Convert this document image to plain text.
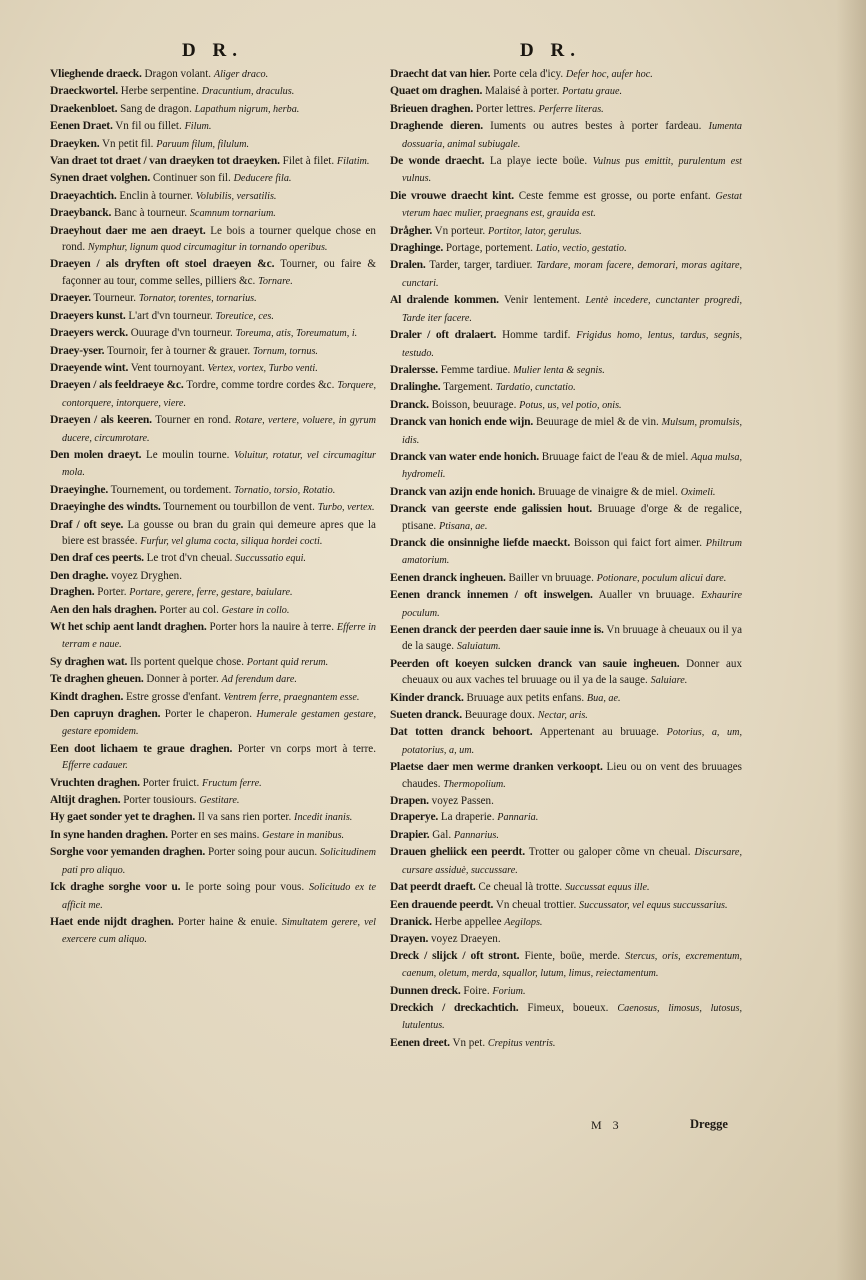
D R.	D R.

Vlieghende draeck. Dragon volant. Aliger draco.

Draeckwortel. Herbe serpentine. Dracuntium, draculus.

Draekenbloet. Sang de dragon. Lapathum nigrum, herba.

Eenen Draet. Vn fil ou fillet. Filum.

Draeyken. Vn petit fil. Paruum filum, filulum.

Van draet tot draet / van draeyken tot draeyken. Filet à filet. Filatim.

Synen draet volghen. Continuer son fil. Deducere fila.

Draeyachtich. Enclin à tourner. Volubilis, versatilis.

Draeybanck. Banc à tourneur. Scamnum tornarium.

Draeyhout daer me aen draeyt. Le bois a tourner quelque chose en rond. Nymphur, lignum quod circumagitur in tornando operibus.

Draeyen / als dryften oft stoel draeyen &c. Tourner, ou faire & façonner au tour, comme selles, pilliers &c. Tornare.

Draeyer. Tourneur. Tornator, torentes, tornarius.

Draeyers kunst. L'art d'vn tourneur. Toreutice, ces.

Draeyers werck. Ouurage d'vn tourneur. Toreuma, atis, Toreumatum, i.

Draey-yser. Tournoir, fer à tourner & grauer. Tornum, tornus.

Draeyende wint. Vent tournoyant. Vertex, vortex, Turbo venti.

Draeyen / als feeldraeye &c. Tordre, comme tordre cordes &c. Torquere, contorquere, intorquere, viere.

Draeyen / als keeren. Tourner en rond. Rotare, vertere, voluere, in gyrum ducere, circumrotare.

Den molen draeyt. Le moulin tourne. Voluitur, rotatur, vel circumagitur mola.

Draeyinghe. Tournement, ou tordement. Tornatio, torsio, Rotatio.

Draeyinghe des windts. Tournement ou tourbillon de vent. Turbo, vertex.

Draf / oft seye. La gousse ou bran du grain qui demeure apres que la biere est brassée. Furfur, vel gluma cocta, siliqua hordei cocti.

Den draf ces peerts. Le trot d'vn cheual. Succussatio equi.

Den draghe. voyez Dryghen.

Draghen. Porter. Portare, gerere, ferre, gestare, baiulare.

Aen den hals draghen. Porter au col. Gestare in collo.

Wt het schip aent landt draghen. Porter hors la nauire à terre. Efferre in terram e naue.

Sy draghen wat. Ils portent quelque chose. Portant quid rerum.

Te draghen gheuen. Donner à porter. Ad ferendum dare.

Kindt draghen. Estre grosse d'enfant. Ventrem ferre, praegnantem esse.

Den capruyn draghen. Porter le chaperon. Humerale gestamen gestare, gestare epomidem.

Een doot lichaem te graue draghen. Porter vn corps mort à terre. Efferre cadauer.

Vruchten draghen. Porter fruict. Fructum ferre.

Altijt draghen. Porter tousiours. Gestitare.

Hy gaet sonder yet te draghen. Il va sans rien porter. Incedit inanis.

In syne handen draghen. Porter en ses mains. Gestare in manibus.

Sorghe voor yemanden draghen. Porter soing pour aucun. Solicitudinem pati pro aliquo.

Ick draghe sorghe voor u. Ie porte soing pour vous. Solicitudo ex te afficit me.

Haet ende nijdt draghen. Porter haine & enuie. Simultatem gerere, vel exercere cum aliquo.

Draecht dat van hier. Porte cela d'icy. Defer hoc, aufer hoc.

Quaet om draghen. Malaisé à porter. Portatu graue.

Brieuen draghen. Porter lettres. Perferre literas.

Draghende dieren. Iuments ou autres bestes à porter fardeau. Iumenta dossuaria, animal subiugale.

De wonde draecht. La playe iecte boüe. Vulnus pus emittit, purulentum est vulnus.

Die vrouwe draecht kint. Ceste femme est grosse, ou porte enfant. Gestat vterum haec mulier, praegnans est, grauida est.

Drågher. Vn porteur. Portitor, lator, gerulus.

Draghinge. Portage, portement. Latio, vectio, gestatio.

Dralen. Tarder, targer, tardiuer. Tardare, moram facere, demorari, moras agitare, cunctari.

Al dralende kommen. Venir lentement. Lentè incedere, cunctanter progredi, Tarde iter facere.

Draler / oft dralaert. Homme tardif. Frigidus homo, lentus, tardus, segnis, testudo.

Dralersse. Femme tardiue. Mulier lenta & segnis.

Dralinghe. Targement. Tardatio, cunctatio.

Dranck. Boisson, beuurage. Potus, us, vel potio, onis.

Dranck van honich ende wijn. Beuurage de miel & de vin. Mulsum, promulsis, idis.

Dranck van water ende honich. Bruuage faict de l'eau & de miel. Aqua mulsa, hydromeli.

Dranck van azijn ende honich. Bruuage de vinaigre & de miel. Oximeli.

Dranck van geerste ende galissien hout. Bruuage d'orge & de regalice, ptisane. Ptisana, ae.

Dranck die onsinnighe liefde maeckt. Boisson qui faict fort aimer. Philtrum amatorium.

Eenen dranck ingheuen. Bailler vn bruuage. Potionare, poculum alicui dare.

Eenen dranck innemen / oft inswelgen. Aualler vn bruuage. Exhaurire poculum.

Eenen dranck der peerden daer sauie inne is. Vn bruuage à cheuaux ou il ya de la sauge. Saluiatum.

Peerden oft koeyen sulcken dranck van sauie ingheuen. Donner aux cheuaux ou aux vaches tel bruuage ou il ya de la sauge. Saluiare.

Kinder dranck. Bruuage aux petits enfans. Bua, ae.

Sueten dranck. Beuurage doux. Nectar, aris.

Dat totten dranck behoort. Appertenant au bruuage. Potorius, a, um, potatorius, a, um.

Plaetse daer men werme dranken verkoopt. Lieu ou on vent des bruuages chaudes. Thermopolium.

Drapen. voyez Passen.

Draperye. La draperie. Pannaria.

Drapier. Gal. Pannarius.

Drauen gheliick een peerdt. Trotter ou galoper cõme vn cheual. Discursare, cursare assiduè, succussare.

Dat peerdt draeft. Ce cheual là trotte. Succussat equus ille.

Een drauende peerdt. Vn cheual trottier. Succussator, vel equus succussarius.

Dranick. Herbe appellee Aegilops.

Drayen. voyez Draeyen.

Dreck / slijck / oft stront. Fiente, boüe, merde. Stercus, oris, excrementum, caenum, oletum, merda, squallor, lutum, limus, reiectamentum.

Dunnen dreck. Foire. Forium.

Dreckich / dreckachtich. Fimeux, boueux. Caenosus, limosus, lutosus, lutulentus.

Eenen dreet. Vn pet. Crepitus ventris.

M 3	Dregge
